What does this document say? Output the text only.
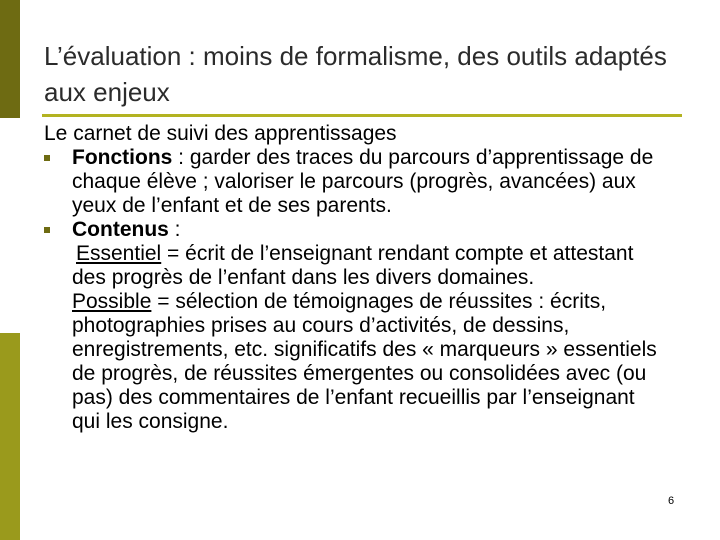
L’évaluation : moins de formalisme, des outils adaptés aux enjeux
Le carnet de suivi des apprentissages
Fonctions : garder des traces du parcours d’apprentissage de chaque élève ; valoriser le parcours (progrès, avancées) aux yeux de l’enfant et de ses parents.
Contenus :
Essentiel = écrit de l’enseignant rendant compte et attestant des progrès de l’enfant dans les divers domaines.
Possible = sélection de témoignages de réussites : écrits, photographies prises au cours d’activités, de dessins, enregistrements, etc. significatifs des « marqueurs » essentiels de progrès, de réussites émergentes ou consolidées avec (ou pas) des commentaires de l’enfant recueillis par l’enseignant qui les consigne.
6
